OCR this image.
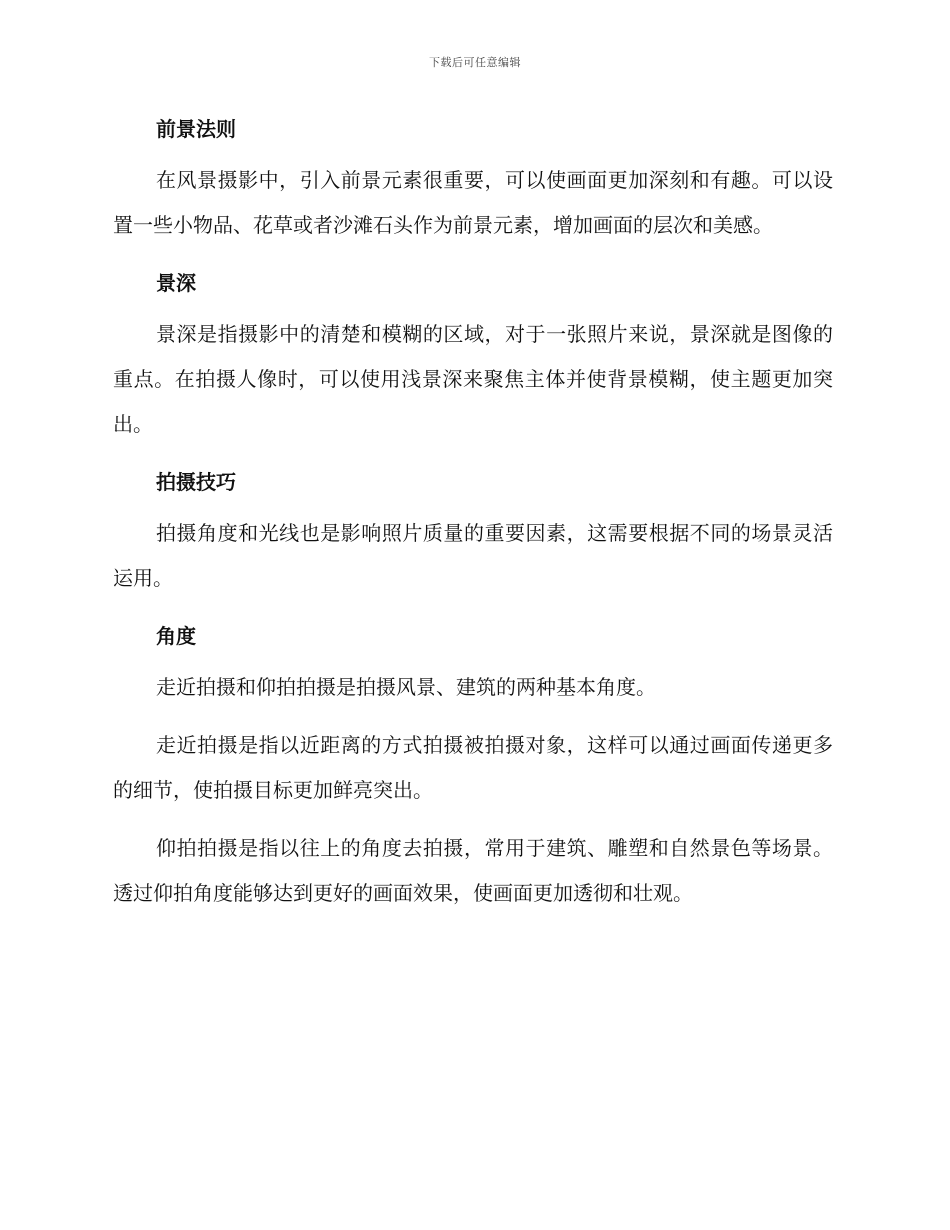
下载后可任意编辑
前景法则

在风景摄影中，引入前景元素很重要，可以使画面更加深刻和有趣。可以设置一些小物品、花草或者沙滩石头作为前景元素，增加画面的层次和美感。

景深

景深是指摄影中的清楚和模糊的区域，对于一张照片来说，景深就是图像的重点。在拍摄人像时，可以使用浅景深来聚焦主体并使背景模糊，使主题更加突出。

拍摄技巧

拍摄角度和光线也是影响照片质量的重要因素，这需要根据不同的场景灵活运用。

角度

走近拍摄和仰拍拍摄是拍摄风景、建筑的两种基本角度。

走近拍摄是指以近距离的方式拍摄被拍摄对象，这样可以通过画面传递更多的细节，使拍摄目标更加鲜亮突出。

仰拍拍摄是指以往上的角度去拍摄，常用于建筑、雕塑和自然景色等场景。透过仰拍角度能够达到更好的画面效果，使画面更加透彻和壮观。
